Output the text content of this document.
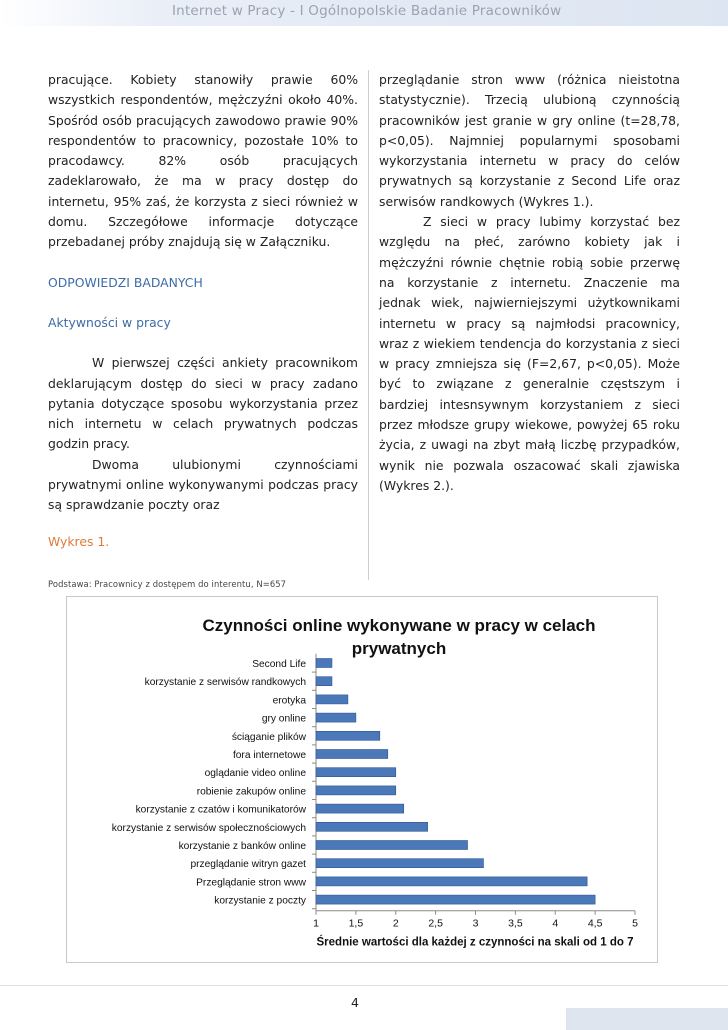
Internet w Pracy - I Ogólnopolskie Badanie Pracowników

pracujące. Kobiety stanowiły prawie 60% wszystkich respondentów, mężczyźni około 40%. Spośród osób pracujących zawodowo prawie 90% respondentów to pracownicy, pozostałe 10% to pracodawcy. 82% osób pracujących zadeklarowało, że ma w pracy dostęp do internetu, 95% zaś, że korzysta z sieci również w domu. Szczegółowe informacje dotyczące przebadanej próby znajdują się w Załączniku.

ODPOWIEDZI BADANYCH

Aktywności w pracy

W pierwszej części ankiety pracownikom deklarującym dostęp do sieci w pracy zadano pytania dotyczące sposobu wykorzystania przez nich internetu w celach prywatnych podczas godzin pracy.

Dwoma ulubionymi czynnościami prywatnymi online wykonywanymi podczas pracy są sprawdzanie poczty oraz

Wykres 1.

przeglądanie stron www (różnica nieistotna statystycznie). Trzecią ulubioną czynnością pracowników jest granie w gry online (t=28,78, p<0,05). Najmniej popularnymi sposobami wykorzystania internetu w pracy do celów prywatnych są korzystanie z Second Life oraz serwisów randkowych (Wykres 1.).

Z sieci w pracy lubimy korzystać bez względu na płeć, zarówno kobiety jak i mężczyźni równie chętnie robią sobie przerwę na korzystanie z internetu. Znaczenie ma jednak wiek, najwierniejszymi użytkownikami internetu w pracy są najmłodsi pracownicy, wraz z wiekiem tendencja do korzystania z sieci w pracy zmniejsza się (F=2,67, p<0,05). Może być to związane z generalnie częstszym i bardziej intesnsywnym korzystaniem z sieci przez młodsze grupy wiekowe, powyżej 65 roku życia, z uwagi na zbyt małą liczbę przypadków, wynik nie pozwala oszacować skali zjawiska (Wykres 2.).

Podstawa: Pracownicy z dostępem do interentu, N=657
Czynności online wykonywane w pracy w celach
prywatnych
Second Life
korzystanie z serwisów randkowych
erotyka
gry online
ściąganie plików
fora internetowe
oglądanie video online
robienie zakupów online
korzystanie z czatów i komunikatorów
korzystanie z serwisów społecznościowych
korzystanie z banków online
przeglądanie witryn gazet
Przeglądanie stron www
korzystanie z poczty
1	1,5	2	2,5	3	3,5	4	4,5	5
Średnie wartości dla każdej z czynności na skali od 1 do 7
4
